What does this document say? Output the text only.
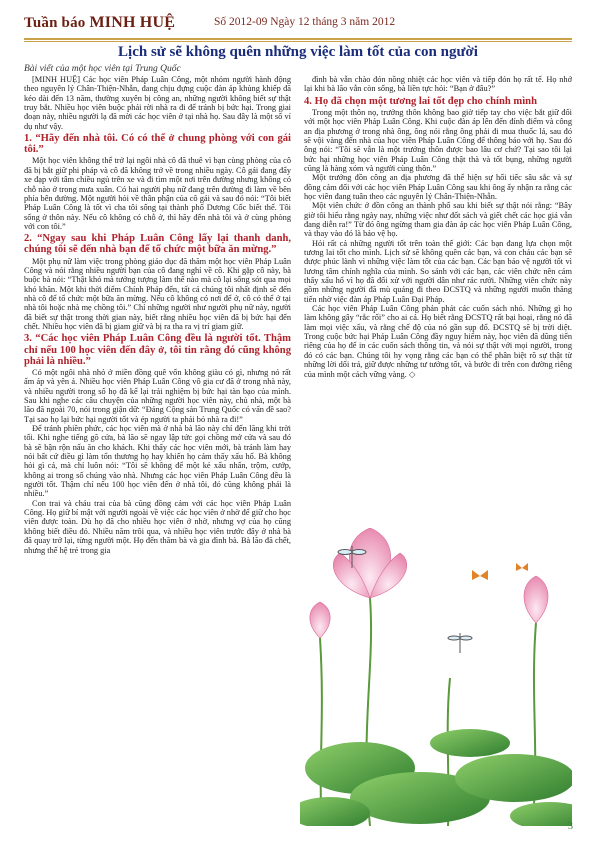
Tuần báo MINH HUỆ	Số 2012-09 Ngày 12 tháng 3 năm 2012
Lịch sử sẽ không quên những việc làm tốt của con người
Bài viết của một học viên tại Trung Quốc

[MINH HUỆ] Các học viên Pháp Luân Công, một nhóm người hành động theo nguyên lý Chân-Thiện-Nhẫn, đang chịu đựng cuộc đàn áp khủng khiếp đã kéo dài đến 13 năm, thường xuyên bị công an, những người không biết sự thật truy bắt. Nhiều học viên buộc phải rời nhà ra đi để tránh bị bức hại. Trong giai đoạn này, nhiều người lạ đã mời các học viên ở tại nhà họ. Sau đây là một số ví dụ như vậy.

1. “Hãy đến nhà tôi. Có có thể ở chung phòng với con gái tôi.”

Một học viên không thể trở lại ngôi nhà cô đã thuê vì bạn cùng phòng của cô đã bị bắt giữ phi pháp và cô đã không trở về trong nhiều ngày. Cô gái đang đẩy xe đạp với tâm chiều ngủ trên xe và đi tìm một nơi trên đường nhưng không có chỗ nào ở trong mưa xuân. Có hai người phụ nữ đang trên đường đi làm về bên phía bên đường. Một người hỏi về thân phận của cô gái và sau đó nói: “Tôi biết Pháp Luân Công là tốt vì cha tôi sống tại thành phố Dương Cốc biết thế. Tôi sống ở thôn này. Nếu cô không có chỗ ở, thì hãy đến nhà tôi và ở cùng phòng với con tôi.”

2. “Ngay sau khi Pháp Luân Công lấy lại thanh danh, chúng tôi sẽ đến nhà bạn để tổ chức một bữa ăn mừng.”

Một phụ nữ làm việc trong phòng giáo dục đã thăm một học viên Pháp Luân Công và nói rằng nhiều người bạn của cô đang nghỉ về cô. Khi gặp cô này, bà buộc bà nói: “Thật khó mà tưởng tượng làm thế nào mà cô lại sống sót qua mọi khó khăn. Một khi thời điểm Chính Pháp đến, tất cả chúng tôi nhất định sẽ đến nhà cô để tổ chức một bữa ăn mừng. Nếu cô không có nơi để ở, cô có thể ở tại nhà tôi hoặc nhà mẹ chồng tôi.” Chỉ những người như người phụ nữ này, người đã biết sự thật trong thời gian này, biết rằng nhiều học viên đã bị bức hại đến chết. Nhiều học viên đã bị giam giữ và bị ra tha ra vị trí giam giữ.

3. “Các học viên Pháp Luân Công đều là người tốt. Thậm chỉ nếu 100 học viên đến đây ở, tôi tin rằng đó cũng không phải là nhiều.”

Có một ngôi nhà nhỏ ở miền đồng quê vốn không giàu có gì, nhưng nó rất ấm áp và yên ả. Nhiều học viên Pháp Luân Công vô gia cư đã ở trong nhà này, và nhiều người trong số họ đã kể lại trải nghiệm bị bức hại tàn bạo của mình. Sau khi nghe các câu chuyện của những người học viên này, chủ nhà, một bà lão đã ngoài 70, nói trong giận dữ: “Đảng Cộng sản Trung Quốc có vấn đề sao? Tại sao họ lại bức hại người tốt và ép người ta phải bỏ nhà ra đi!”

Để tránh phiền phức, các học viên mà ở nhà bà lão này chỉ đến lăng khi trời tối. Khi nghe tiếng gõ cửa, bà lão sẽ ngay lập tức gọi chồng mở cửa và sau đó bà sẽ bận rộn nấu ăn cho khách. Khi thấy các học viên mới, bà tránh làm hay nói bất cứ điều gì làm tổn thương họ hay khiến họ cảm thấy xấu hổ. Bà không hỏi gì cả, mà chỉ luôn nói: “Tôi sẽ không để một kẻ xấu nhấn, trộm, cướp, không ai trong số chúng vào nhà. Nhưng các học viên Pháp Luân Công đều là người tốt. Thậm chí nếu 100 học viên đến ở nhà tôi, đó cũng không phải là nhiều.”

Con trai và cháu trai của bà cũng đồng cảm với các học viên Pháp Luân Công. Họ giữ bí mật với người ngoài về việc các học viên ở nhờ để giữ cho học viên được toàn. Dù họ đã cho nhiều học viên ở nhờ, nhưng vợ của họ cũng không biết điều đó. Nhiều năm trôi qua, và nhiều học viên trước đây ở nhà bà đã quay trở lại, từng người một. Họ đến thăm bà và gia đình bà. Bà lão đã chết, nhưng thế hệ trẻ trong gia

đình bà vẫn chào đón nồng nhiệt các học viên và tiếp đón họ rất tế. Họ nhớ lại khi bà lão vẫn còn sống, bà liền tực hỏi: “Bạn ở đâu?”

4. Họ đã chọn một tương lai tốt đẹp cho chính mình

Trong một thôn nọ, trưởng thôn không bao giờ tiếp tay cho việc bắt giữ đối với một học viên Pháp Luân Công. Khi cuộc đàn áp lên đến đỉnh điểm và công an địa phương ở trong nhà ông, ông nói rằng ông phải đi mua thuốc lá, sau đó sẽ vội vàng đến nhà của học viên Pháp Luân Công để thông báo với họ. Sau đó ông nói: “Tôi sẽ vẫn là một trưởng thôn được bao lâu cơ chứ? Tại sao tôi lại bức hại những học viên Pháp Luân Công thật thà và tốt bụng, những người cũng là hàng xóm và người cùng thôn.”

Một trưởng đồn công an địa phương đã thể hiện sự hối tiếc sâu sắc và sự đồng cảm đối với các học viên Pháp Luân Công sau khi ông ấy nhận ra rằng các học viên đang tuân theo các nguyên lý Chân-Thiện-Nhẫn.

Một viên chức ở đồn công an thành phố sau khi biết sự thật nói rằng: “Bây giờ tôi hiểu rằng ngày nay, những việc như đốt sách và giết chết các học giả vẫn đang diễn ra!” Từ đó ông ngừng tham gia đàn áp các học viên Pháp Luân Công, và thay vào đó là bảo vệ họ.

Hỏi rất cả những người tốt trên toàn thế giới: Các bạn đang lựa chọn một tương lai tốt cho mình. Lịch sử sẽ không quên các bạn, và con cháu các bạn sẽ được phúc lành vì những việc làm tốt của các bạn. Các bạn bảo vệ người tốt vì lương tâm chính nghĩa của mình. So sánh với các bạn, các viên chức nên cảm thấy xấu hổ vì họ đã đối xử với người dân như rác rưởi. Những viên chức này gồm những người đã mù quáng đi theo ĐCSTQ và những người muốn thăng tiến nhờ việc đàn áp Pháp Luân Đại Pháp.

Các học viên Pháp Luân Công phản phát các cuốn sách nhỏ. Những gì họ làm không gây “rắc rối” cho ai cả. Họ biết rằng ĐCSTQ rất bại hoại, rằng nó đã làm mọi việc xấu, và rằng chế độ của nó gần sụp đổ. ĐCSTQ sẽ bị trời diệt. Trong cuộc bức hại Pháp Luân Công đầy nguy hiểm này, học viên đã dũng tiến riêng của họ để in các cuốn sách thông tin, và nói sự thật với mọi người, trong đó có các bạn. Chúng tôi hy vọng rằng các bạn có thể phân biệt rõ sự thật từ những lời dối trá, giữ được những tư tưởng tốt, và bước đi trên con đường riêng của mình một cách vững vàng. ◇

3
